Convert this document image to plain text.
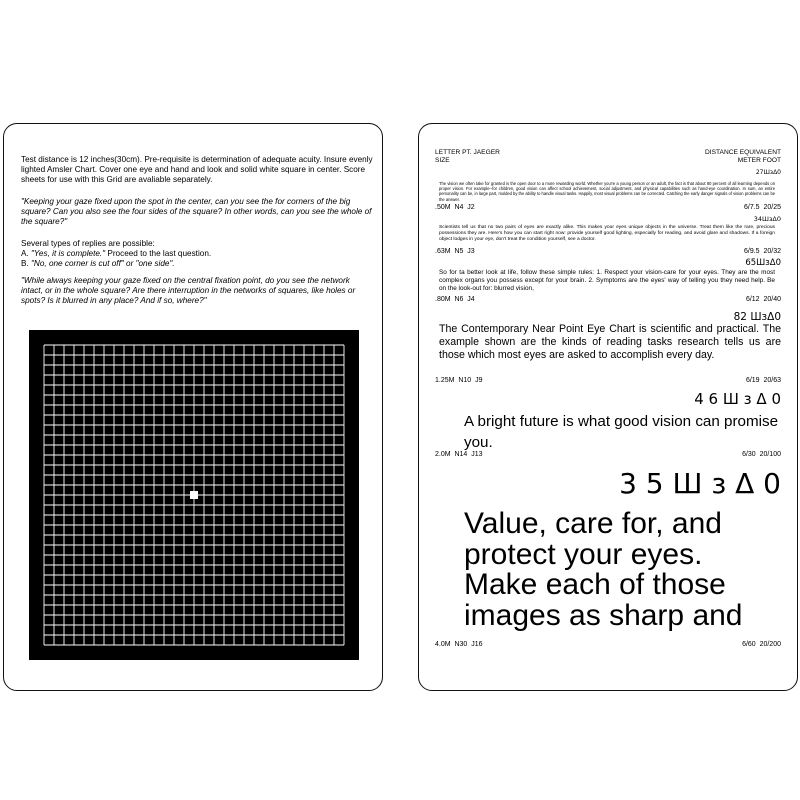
Test distance is 12 inches(30cm). Pre-requisite is determination of adequate acuity. Insure evenly lighted Amsler Chart. Cover one eye and hand and look and solid white square in center. Score sheets for use with this Grid are avaliable separately.

"Keeping your gaze fixed upon the spot in the center, can you see the for corners of the big square? Can you also see the four sides of the square? In other words, can you see the whole of the square?"

Several types of replies are possible:
A. "Yes, it is complete." Proceed to the last question.
B. "No, one corner is cut off" or "one side".

"While always keeping your gaze fixed on the central fixation point, do you see the network intact, or in the whole square? Are there interruption in the networks of squares, like holes or spots? Is it blurred in any place? And if so, where?"

LETTER PT. JAEGER
SIZE
DISTANCE EQUIVALENT
METER FOOT
27ШɜΔ0

The vision we often take for granted is the open door to a more rewarding world. Whether you're a young person or an adult, the fact is that about 80 percent of all learning depends on proper vision. For example--for children, good vision can affect school achievement, social adjustment, and physical capabilities such as hand-eye coordination. In sum, an entire personality can be, in large part, molded by the ability to handle visual tasks. Happily, most visual problems can be corrected. Catching the early danger signals of vision problems can be the answer.

.50M N4 J2	6/7.5 20/25
34ШɜΔ0

Scientists tell us that no two pairs of eyes are exactly alike. This makes your eyes unique objects in the universe. Treat them like the rare, precious possessions they are. Here's how you can start right now: provide yourself good lighting, especially for reading, and avoid glare and shadows. If a foreign object lodges in your eye, don't treat the condition yourself, see a doctor.

.63M N5 J3	6/9.5 20/32
65ШɜΔ0

So for ta better look at life, follow these simple rules: 1. Respect your vision-care for your eyes. They are the most complex organs you possess except for your brain. 2. Symptoms are the eyes' way of telling you they need help. Be on the look-out for: blurred vision,

.80M N6 J4	6/12 20/40
82 ШɜΔ0

The Contemporary Near Point Eye Chart is scientific and practical. The example shown are the kinds of reading tasks research tells us are those which most eyes are asked to accomplish every day.

1.25M N10 J9	6/19 20/63
4 6 Ш ɜ Δ 0

A bright future is what good vision can promise you.

2.0M N14 J13	6/30 20/100
3 5 Ш ɜ Δ 0

Value, care for, and protect your eyes. Make each of those images as sharp and

4.0M N30 J16	6/60 20/200
